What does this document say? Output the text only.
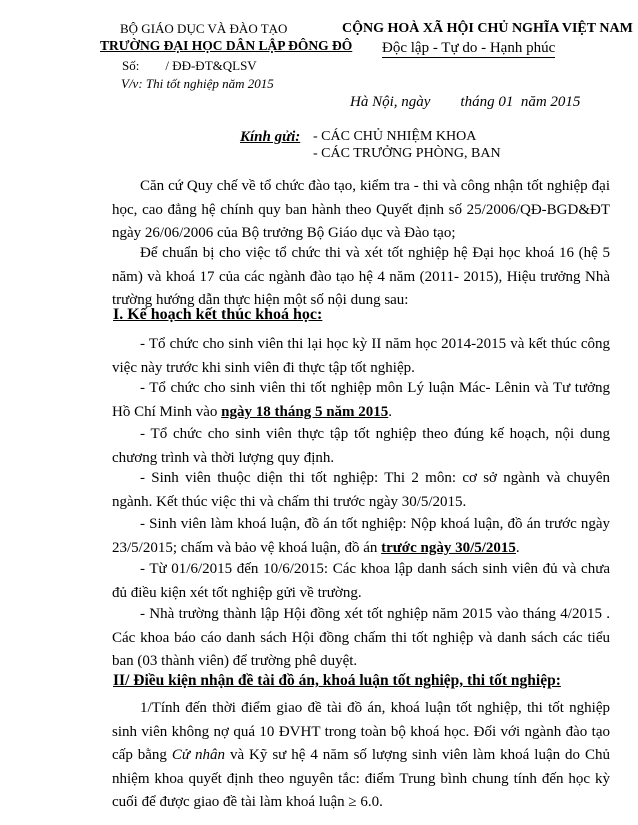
BỘ GIÁO DỤC VÀ ĐÀO TẠO
TRƯỜNG ĐẠI HỌC DÂN LẬP ĐÔNG ĐÔ
Số:        / ĐĐ-ĐT&QLSV
V/v: Thi tốt nghiệp năm 2015
CỘNG HOÀ XÃ HỘI CHỦ NGHĨA VIỆT NAM
Độc lập - Tự do - Hạnh phúc
Hà Nội, ngày        tháng 01  năm 2015
Kính gửi: - CÁC CHỦ NHIỆM KHOA
- CÁC TRƯỞNG PHÒNG, BAN
Căn cứ Quy chế về tổ chức đào tạo, kiểm tra - thi và công nhận tốt nghiệp đại học, cao đẳng hệ chính quy ban hành theo Quyết định số 25/2006/QĐ-BGD&ĐT ngày 26/06/2006 của Bộ trưởng Bộ Giáo dục và Đào tạo;
Để chuẩn bị cho việc tổ chức thi và xét tốt nghiệp hệ Đại học khoá 16 (hệ 5 năm) và khoá 17 của các ngành đào tạo hệ 4 năm (2011- 2015), Hiệu trưởng Nhà trường hướng dẫn thực hiện một số nội dung sau:
I. Kế hoạch kết thúc khoá học:
- Tổ chức cho sinh viên thi lại học kỳ II năm học 2014-2015 và kết thúc công việc này trước khi sinh viên đi thực tập tốt nghiệp.
- Tổ chức cho sinh viên thi tốt nghiệp môn Lý luận Mác- Lênin và Tư tưởng Hồ Chí Minh vào ngày 18 tháng 5 năm 2015.
- Tổ chức cho sinh viên thực tập tốt nghiệp theo đúng kế hoạch, nội dung chương trình và thời lượng quy định.
- Sinh viên thuộc diện thi tốt nghiệp: Thi 2 môn: cơ sở ngành và chuyên ngành. Kết thúc việc thi và chấm thi trước ngày 30/5/2015.
- Sinh viên làm khoá luận, đồ án tốt nghiệp: Nộp khoá luận, đồ án trước ngày 23/5/2015; chấm và bảo vệ khoá luận, đồ án trước ngày 30/5/2015.
- Từ 01/6/2015 đến 10/6/2015: Các khoa lập danh sách sinh viên đủ và chưa đủ điều kiện xét tốt nghiệp gửi về trường.
- Nhà trường thành lập Hội đồng xét tốt nghiệp năm 2015 vào tháng 4/2015 . Các khoa báo cáo danh sách Hội đồng chấm thi tốt nghiệp và danh sách các tiểu ban (03 thành viên) để trường phê duyệt.
II/ Điều kiện nhận đề tài đồ án, khoá luận tốt nghiệp, thi tốt nghiệp:
1/Tính đến thời điểm giao đề tài đồ án, khoá luận tốt nghiệp, thi tốt nghiệp sinh viên không nợ quá 10 ĐVHT trong toàn bộ khoá học. Đối với ngành đào tạo cấp bằng Cử nhân và Kỹ sư hệ 4 năm số lượng sinh viên làm khoá luận do Chủ nhiệm khoa quyết định theo nguyên tắc: điểm Trung bình chung tính đến học kỳ cuối để được giao đề tài làm khoá luận ≥ 6.0.
